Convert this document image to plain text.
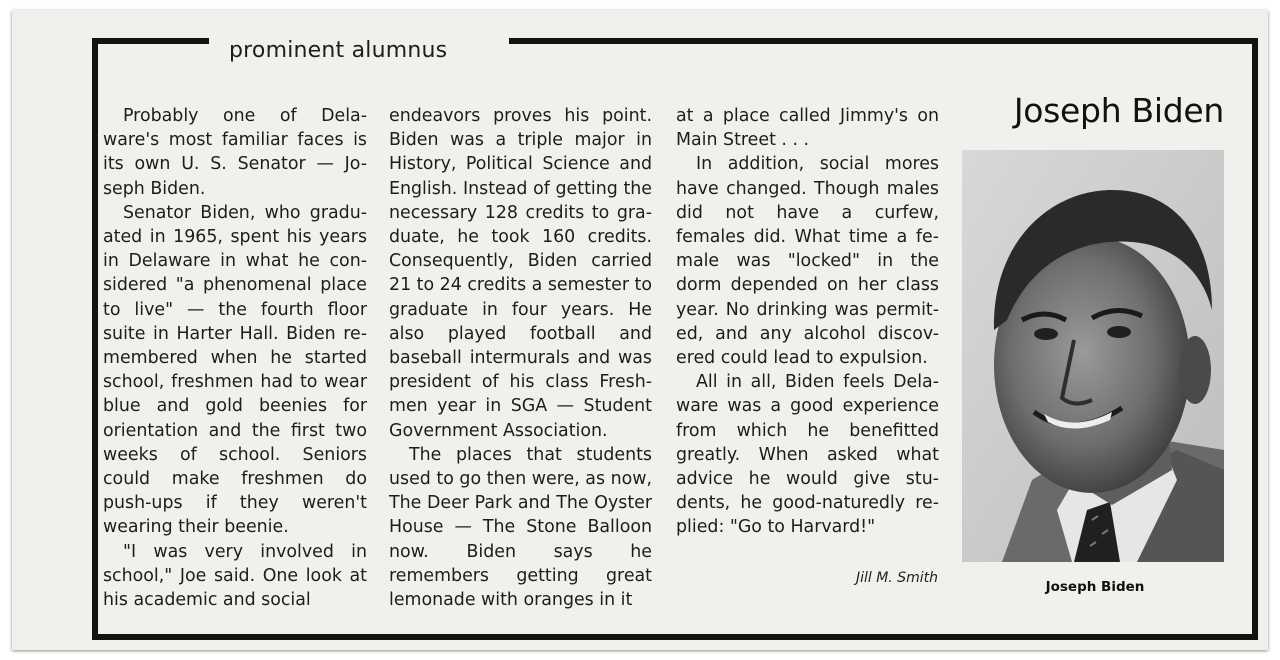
prominent alumnus

Probably one of Dela- ware's most familiar faces is its own U. S. Senator — Jo- seph Biden.

Senator Biden, who gradu- ated in 1965, spent his years in Delaware in what he con- sidered "a phenomenal place to live" — the fourth floor suite in Harter Hall. Biden re- membered when he started school, freshmen had to wear blue and gold beenies for orientation and the first two weeks of school. Seniors could make freshmen do push-ups if they weren't wearing their beenie.

"I was very involved in school," Joe said. One look at his academic and social

endeavors proves his point. Biden was a triple major in History, Political Science and English. Instead of getting the necessary 128 credits to gra- duate, he took 160 credits. Consequently, Biden carried 21 to 24 credits a semester to graduate in four years. He also played football and baseball intermurals and was president of his class Fresh- men year in SGA — Student Government Association.

The places that students used to go then were, as now, The Deer Park and The Oyster House — The Stone Balloon now. Biden says he remembers getting great lemonade with oranges in it

at a place called Jimmy's on Main Street . . .

In addition, social mores have changed. Though males did not have a curfew, females did. What time a fe- male was "locked" in the dorm depended on her class year. No drinking was permit- ed, and any alcohol discov- ered could lead to expulsion.

All in all, Biden feels Dela- ware was a good experience from which he benefitted greatly. When asked what advice he would give stu- dents, he good-naturedly re- plied: "Go to Harvard!"

Jill M. Smith
Joseph Biden
Joseph Biden
